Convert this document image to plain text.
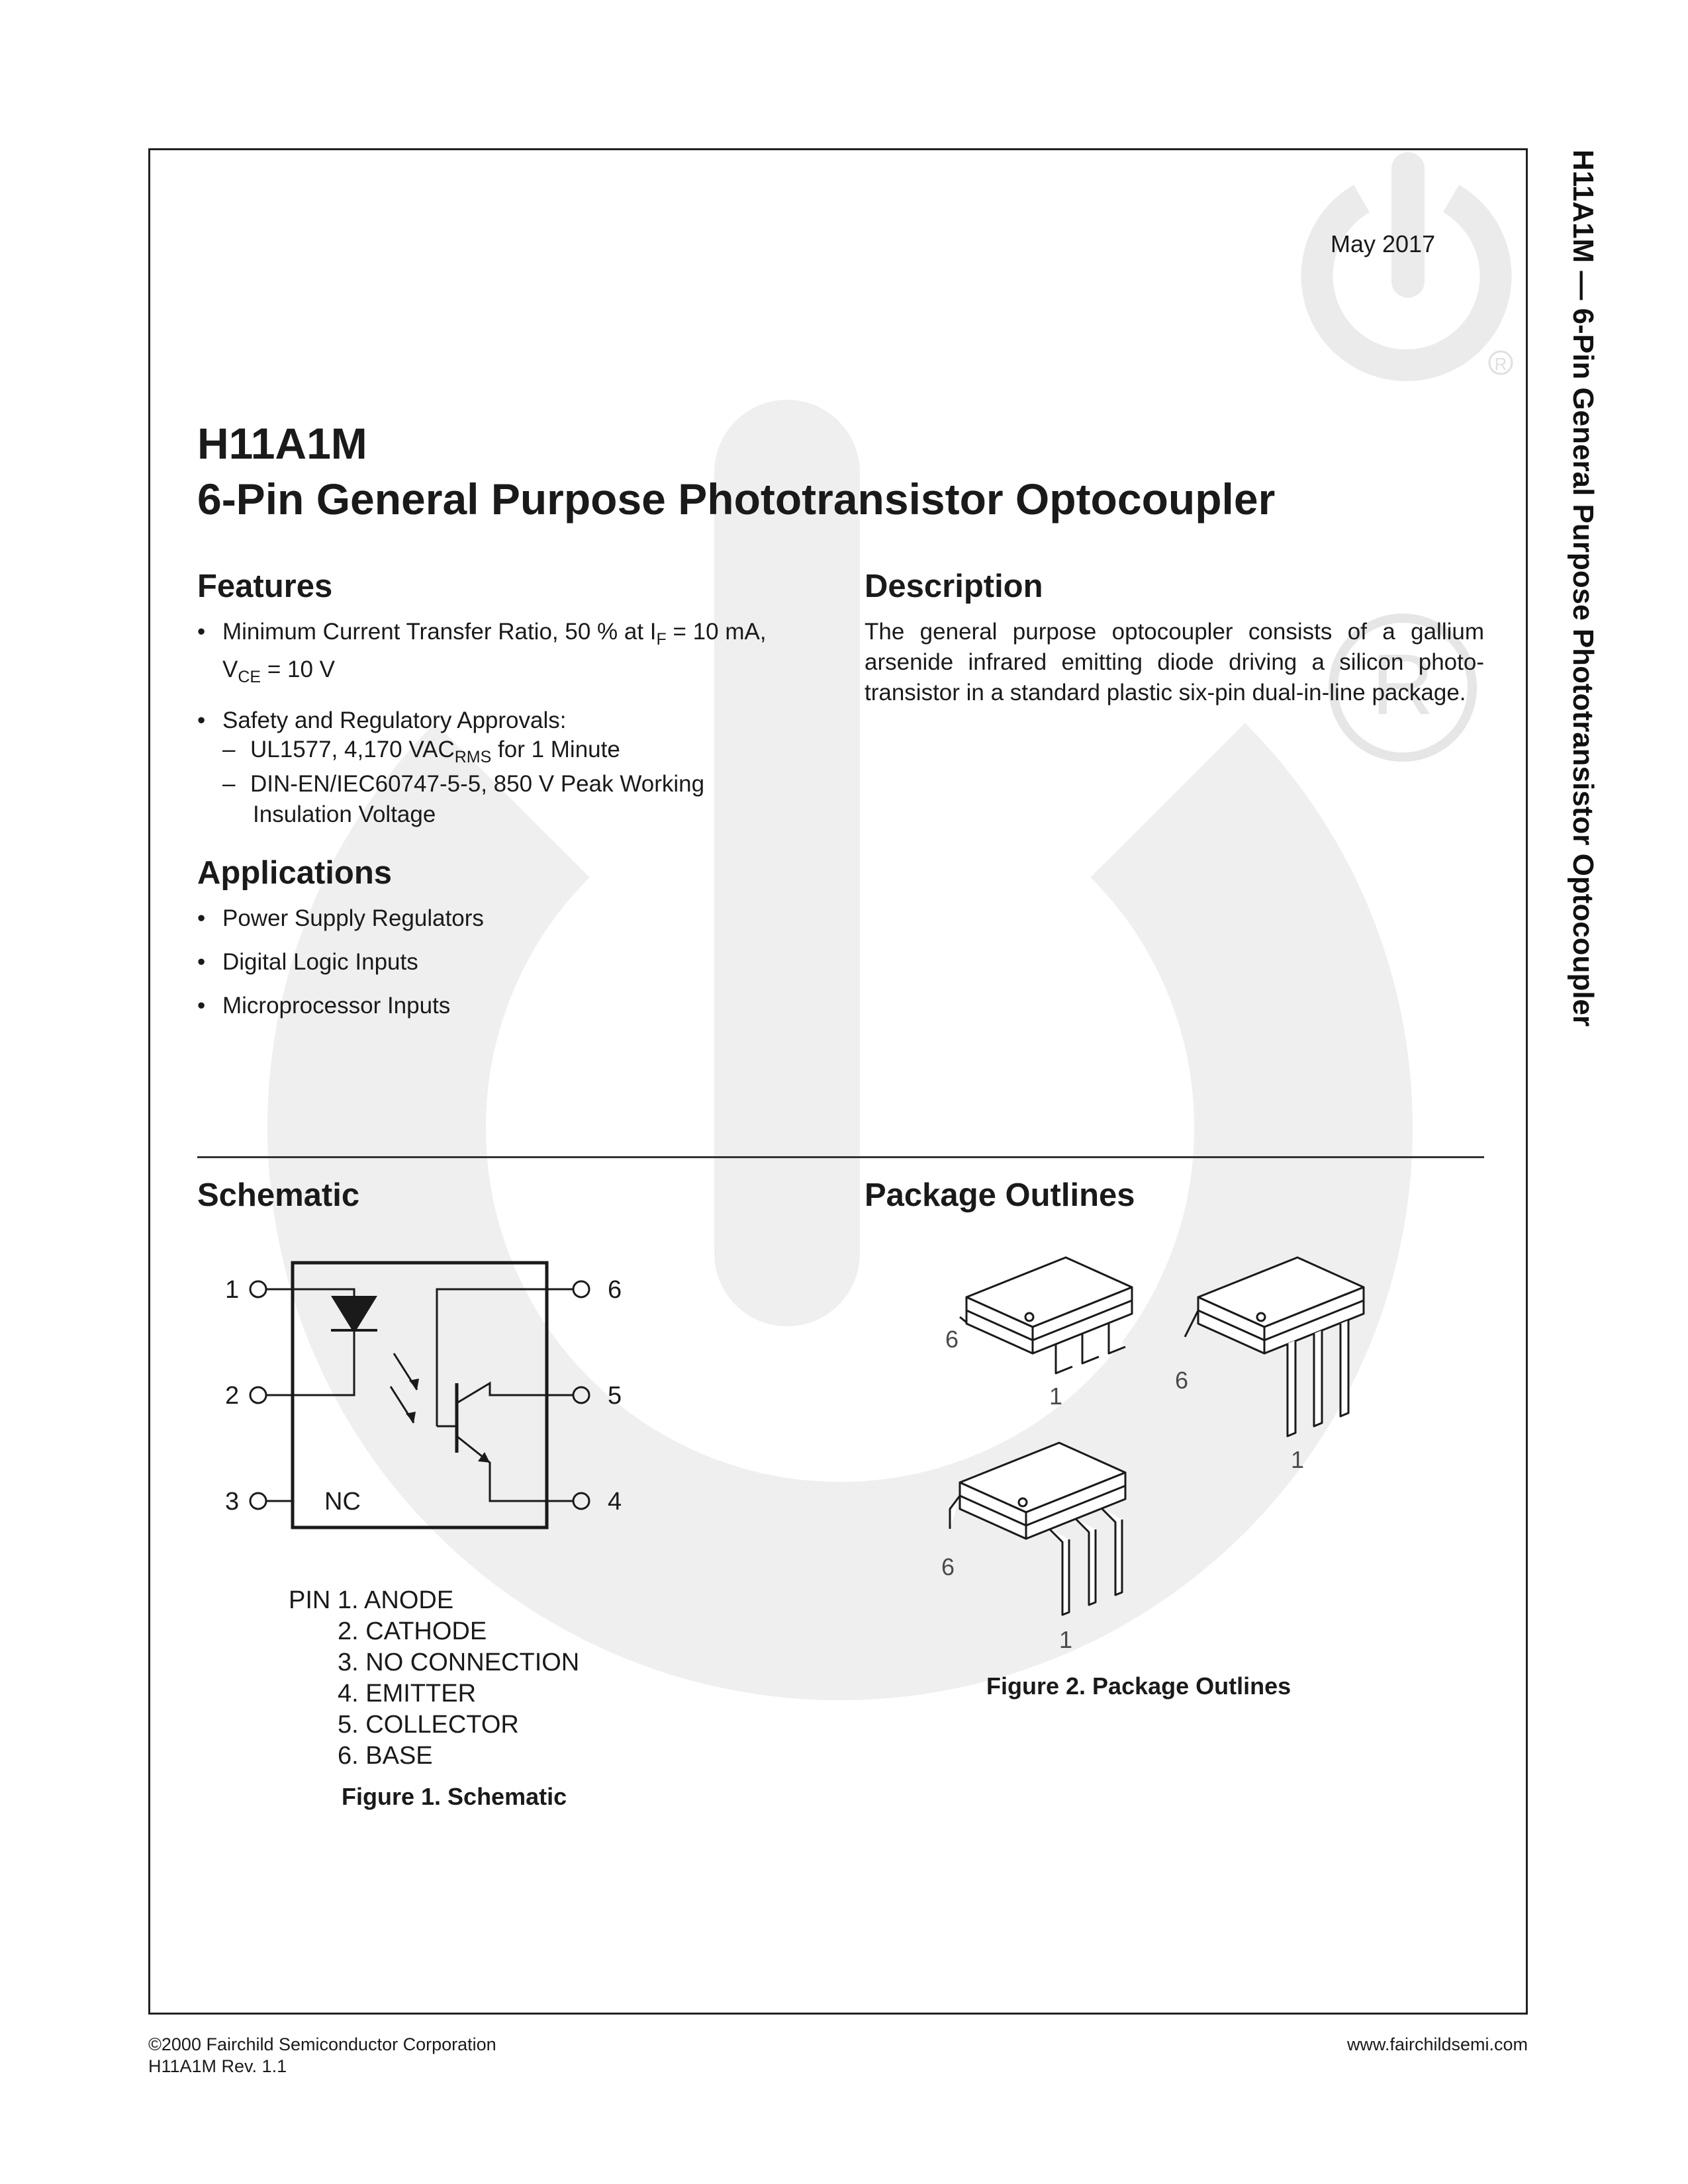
R
R
May 2017	H11A1M — 6-Pin General Purpose Phototransistor Optocoupler
H11A1M
6-Pin General Purpose Phototransistor Optocoupler
Features
• Minimum Current Transfer Ratio, 50 % at $I_F = 10$ mA,
$V_{CE} = 10$ V
• Safety and Regulatory Approvals:
– UL1577, 4,170 $VAC_{RMS}$ for 1 Minute
– DIN-EN/IEC60747-5-5, 850 V Peak Working
Insulation Voltage
Applications
• Power Supply Regulators
• Digital Logic Inputs
• Microprocessor Inputs
Description
The general purpose optocoupler consists of a gallium arsenide infrared emitting diode driving a silicon photo-transistor in a standard plastic six-pin dual-in-line package.
Schematic
1
2
3
6
5
4
NC
PIN 1. ANODE
2. CATHODE
3. NO CONNECTION
4. EMITTER
5. COLLECTOR
6. BASE
Figure 1. Schematic
Package Outlines
6
1
6
1
6
1
Figure 2. Package Outlines
©2000 Fairchild Semiconductor Corporation
H11A1M Rev. 1.1
www.fairchildsemi.com
